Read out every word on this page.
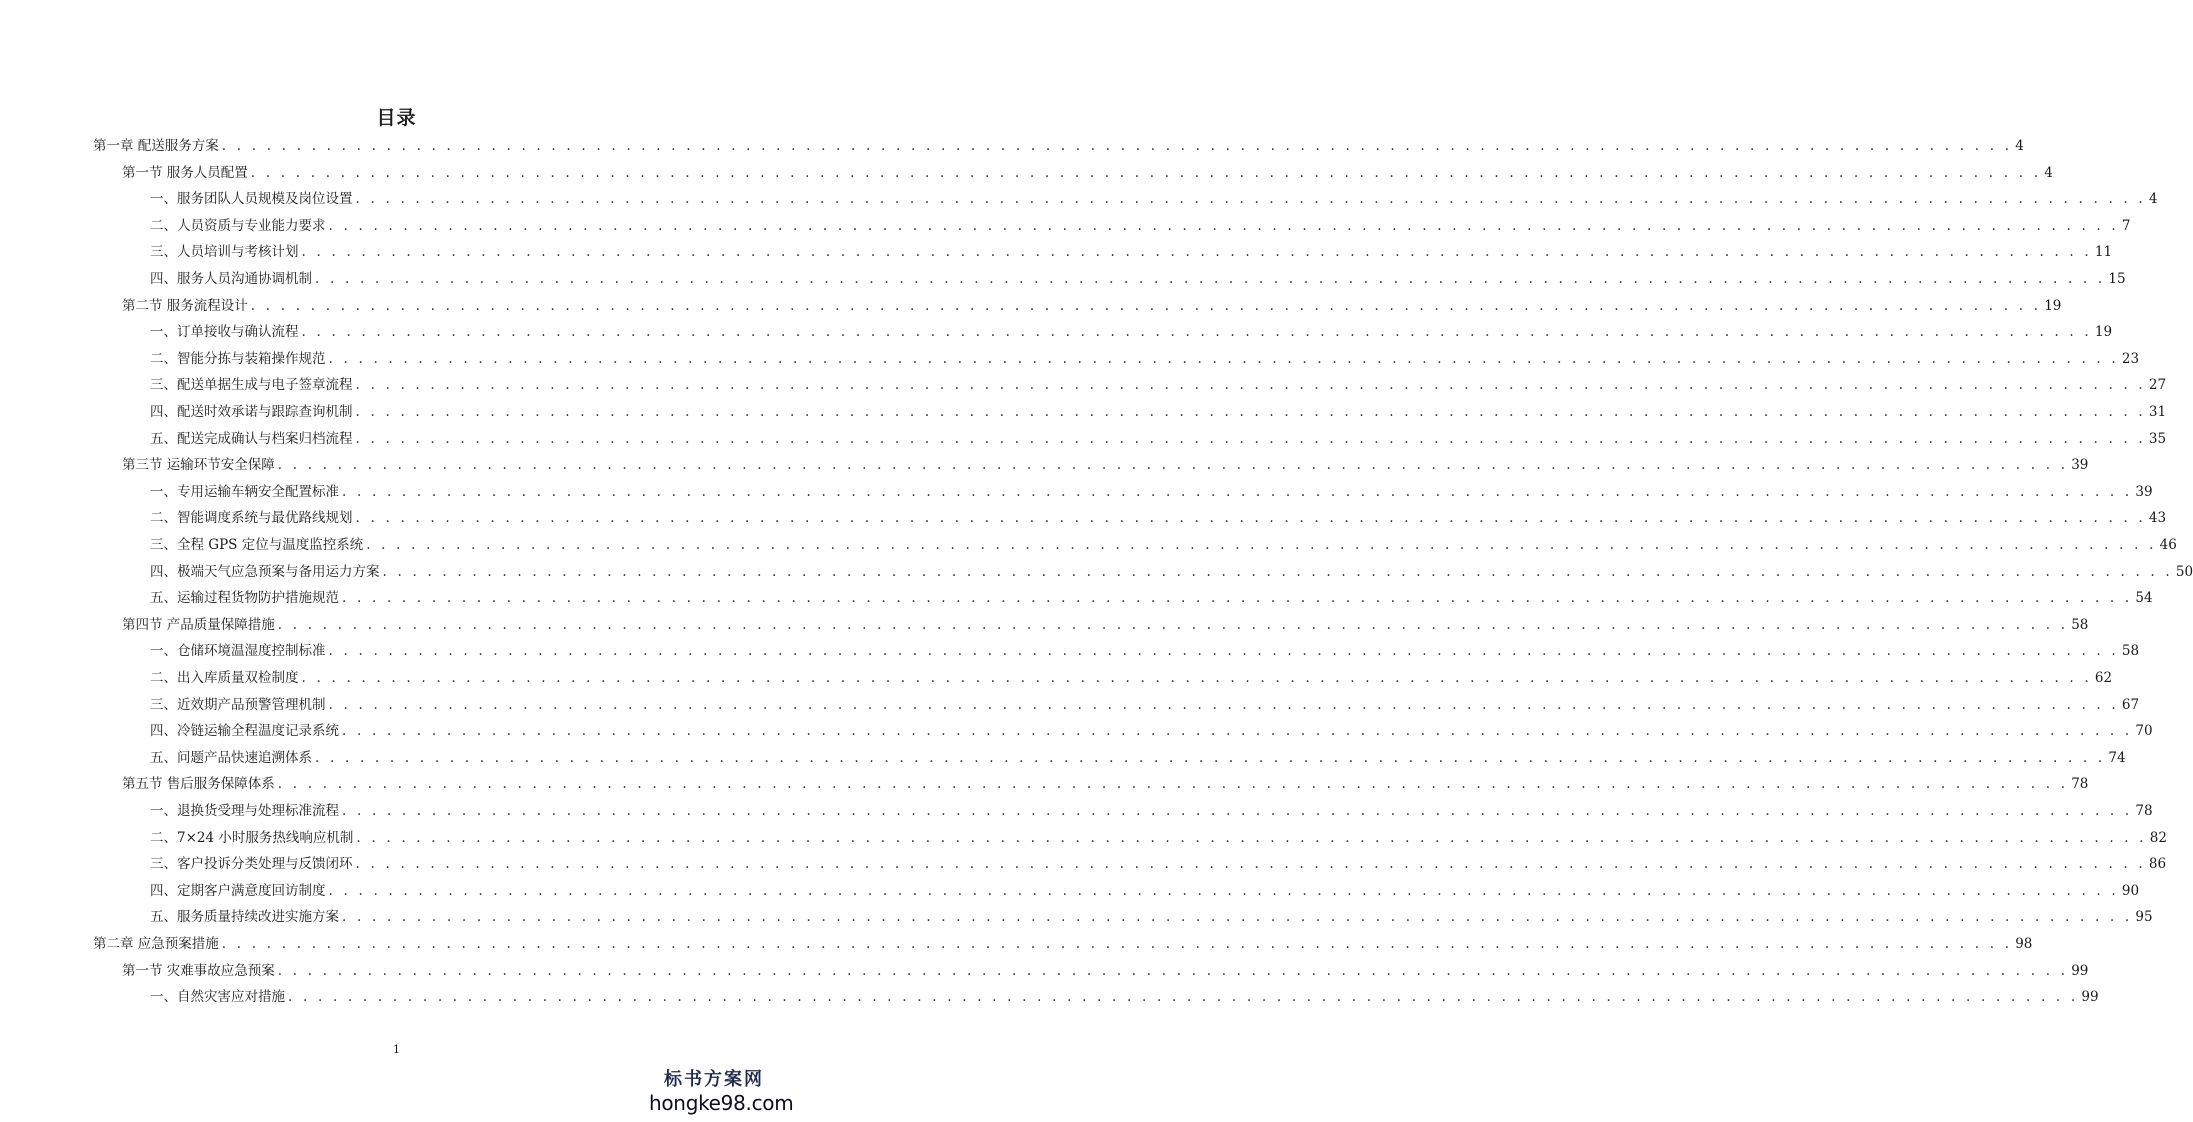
目录
第一章 配送服务方案 . . . . . . . . . . . . . . . . . . . . . . . . . . . . . . . . . . . . . . . . . . . . . . . . . . . . . . . . . . . . . . . . . . . . . . . . . . . . . . . . . . . . . . . . . . . . . . . . . . . . . . . . . . . . . . . . . . . . . . . . 4
第一节 服务人员配置 . . . . . . . . . . . . . . . . . . . . . . . . . . . . . . . . . . . . . . . . . . . . . . . . . . . . . . . . . . . . . . . . . . . . . . . . . . . . . . . . . . . . . . . . . . . . . . . . . . . . . . . . . . . . . . . . . . . . . . . . 4
一、服务团队人员规模及岗位设置 . . . . . . . . . . . . . . . . . . . . . . . . . . . . . . . . . . . . . . . . . . . . . . . . . . . . . . . . . . . . . . . . . . . . . . . . . . . . . . . . . . . . . . . . . . . . . . . . . . . . . . . . . . . . . . . . . . . . . . . . 4
二、人员资质与专业能力要求 . . . . . . . . . . . . . . . . . . . . . . . . . . . . . . . . . . . . . . . . . . . . . . . . . . . . . . . . . . . . . . . . . . . . . . . . . . . . . . . . . . . . . . . . . . . . . . . . . . . . . . . . . . . . . . . . . . . . . . . . 7
三、人员培训与考核计划 . . . . . . . . . . . . . . . . . . . . . . . . . . . . . . . . . . . . . . . . . . . . . . . . . . . . . . . . . . . . . . . . . . . . . . . . . . . . . . . . . . . . . . . . . . . . . . . . . . . . . . . . . . . . . . . . . . . . . . . . 11
四、服务人员沟通协调机制 . . . . . . . . . . . . . . . . . . . . . . . . . . . . . . . . . . . . . . . . . . . . . . . . . . . . . . . . . . . . . . . . . . . . . . . . . . . . . . . . . . . . . . . . . . . . . . . . . . . . . . . . . . . . . . . . . . . . . . . . 15
第二节 服务流程设计 . . . . . . . . . . . . . . . . . . . . . . . . . . . . . . . . . . . . . . . . . . . . . . . . . . . . . . . . . . . . . . . . . . . . . . . . . . . . . . . . . . . . . . . . . . . . . . . . . . . . . . . . . . . . . . . . . . . . . . . . 19
一、订单接收与确认流程 . . . . . . . . . . . . . . . . . . . . . . . . . . . . . . . . . . . . . . . . . . . . . . . . . . . . . . . . . . . . . . . . . . . . . . . . . . . . . . . . . . . . . . . . . . . . . . . . . . . . . . . . . . . . . . . . . . . . . . . . 19
二、智能分拣与装箱操作规范 . . . . . . . . . . . . . . . . . . . . . . . . . . . . . . . . . . . . . . . . . . . . . . . . . . . . . . . . . . . . . . . . . . . . . . . . . . . . . . . . . . . . . . . . . . . . . . . . . . . . . . . . . . . . . . . . . . . . . . . . 23
三、配送单据生成与电子签章流程 . . . . . . . . . . . . . . . . . . . . . . . . . . . . . . . . . . . . . . . . . . . . . . . . . . . . . . . . . . . . . . . . . . . . . . . . . . . . . . . . . . . . . . . . . . . . . . . . . . . . . . . . . . . . . . . . . . . . . . . . 27
四、配送时效承诺与跟踪查询机制 . . . . . . . . . . . . . . . . . . . . . . . . . . . . . . . . . . . . . . . . . . . . . . . . . . . . . . . . . . . . . . . . . . . . . . . . . . . . . . . . . . . . . . . . . . . . . . . . . . . . . . . . . . . . . . . . . . . . . . . . 31
五、配送完成确认与档案归档流程 . . . . . . . . . . . . . . . . . . . . . . . . . . . . . . . . . . . . . . . . . . . . . . . . . . . . . . . . . . . . . . . . . . . . . . . . . . . . . . . . . . . . . . . . . . . . . . . . . . . . . . . . . . . . . . . . . . . . . . . . 35
第三节 运输环节安全保障 . . . . . . . . . . . . . . . . . . . . . . . . . . . . . . . . . . . . . . . . . . . . . . . . . . . . . . . . . . . . . . . . . . . . . . . . . . . . . . . . . . . . . . . . . . . . . . . . . . . . . . . . . . . . . . . . . . . . . . . . 39
一、专用运输车辆安全配置标准 . . . . . . . . . . . . . . . . . . . . . . . . . . . . . . . . . . . . . . . . . . . . . . . . . . . . . . . . . . . . . . . . . . . . . . . . . . . . . . . . . . . . . . . . . . . . . . . . . . . . . . . . . . . . . . . . . . . . . . . . 39
二、智能调度系统与最优路线规划 . . . . . . . . . . . . . . . . . . . . . . . . . . . . . . . . . . . . . . . . . . . . . . . . . . . . . . . . . . . . . . . . . . . . . . . . . . . . . . . . . . . . . . . . . . . . . . . . . . . . . . . . . . . . . . . . . . . . . . . . 43
三、全程 GPS 定位与温度监控系统 . . . . . . . . . . . . . . . . . . . . . . . . . . . . . . . . . . . . . . . . . . . . . . . . . . . . . . . . . . . . . . . . . . . . . . . . . . . . . . . . . . . . . . . . . . . . . . . . . . . . . . . . . . . . . . . . . . . . . . . . 46
四、极端天气应急预案与备用运力方案 . . . . . . . . . . . . . . . . . . . . . . . . . . . . . . . . . . . . . . . . . . . . . . . . . . . . . . . . . . . . . . . . . . . . . . . . . . . . . . . . . . . . . . . . . . . . . . . . . . . . . . . . . . . . . . . . . . . . . . . . 50
五、运输过程货物防护措施规范 . . . . . . . . . . . . . . . . . . . . . . . . . . . . . . . . . . . . . . . . . . . . . . . . . . . . . . . . . . . . . . . . . . . . . . . . . . . . . . . . . . . . . . . . . . . . . . . . . . . . . . . . . . . . . . . . . . . . . . . . 54
第四节 产品质量保障措施 . . . . . . . . . . . . . . . . . . . . . . . . . . . . . . . . . . . . . . . . . . . . . . . . . . . . . . . . . . . . . . . . . . . . . . . . . . . . . . . . . . . . . . . . . . . . . . . . . . . . . . . . . . . . . . . . . . . . . . . . 58
一、仓储环境温湿度控制标准 . . . . . . . . . . . . . . . . . . . . . . . . . . . . . . . . . . . . . . . . . . . . . . . . . . . . . . . . . . . . . . . . . . . . . . . . . . . . . . . . . . . . . . . . . . . . . . . . . . . . . . . . . . . . . . . . . . . . . . . . 58
二、出入库质量双检制度 . . . . . . . . . . . . . . . . . . . . . . . . . . . . . . . . . . . . . . . . . . . . . . . . . . . . . . . . . . . . . . . . . . . . . . . . . . . . . . . . . . . . . . . . . . . . . . . . . . . . . . . . . . . . . . . . . . . . . . . . 62
三、近效期产品预警管理机制 . . . . . . . . . . . . . . . . . . . . . . . . . . . . . . . . . . . . . . . . . . . . . . . . . . . . . . . . . . . . . . . . . . . . . . . . . . . . . . . . . . . . . . . . . . . . . . . . . . . . . . . . . . . . . . . . . . . . . . . . 67
四、冷链运输全程温度记录系统 . . . . . . . . . . . . . . . . . . . . . . . . . . . . . . . . . . . . . . . . . . . . . . . . . . . . . . . . . . . . . . . . . . . . . . . . . . . . . . . . . . . . . . . . . . . . . . . . . . . . . . . . . . . . . . . . . . . . . . . . 70
五、问题产品快速追溯体系 . . . . . . . . . . . . . . . . . . . . . . . . . . . . . . . . . . . . . . . . . . . . . . . . . . . . . . . . . . . . . . . . . . . . . . . . . . . . . . . . . . . . . . . . . . . . . . . . . . . . . . . . . . . . . . . . . . . . . . . . 74
第五节 售后服务保障体系 . . . . . . . . . . . . . . . . . . . . . . . . . . . . . . . . . . . . . . . . . . . . . . . . . . . . . . . . . . . . . . . . . . . . . . . . . . . . . . . . . . . . . . . . . . . . . . . . . . . . . . . . . . . . . . . . . . . . . . . . 78
一、退换货受理与处理标准流程 . . . . . . . . . . . . . . . . . . . . . . . . . . . . . . . . . . . . . . . . . . . . . . . . . . . . . . . . . . . . . . . . . . . . . . . . . . . . . . . . . . . . . . . . . . . . . . . . . . . . . . . . . . . . . . . . . . . . . . . . 78
二、7×24 小时服务热线响应机制 . . . . . . . . . . . . . . . . . . . . . . . . . . . . . . . . . . . . . . . . . . . . . . . . . . . . . . . . . . . . . . . . . . . . . . . . . . . . . . . . . . . . . . . . . . . . . . . . . . . . . . . . . . . . . . . . . . . . . . . . 82
三、客户投诉分类处理与反馈闭环 . . . . . . . . . . . . . . . . . . . . . . . . . . . . . . . . . . . . . . . . . . . . . . . . . . . . . . . . . . . . . . . . . . . . . . . . . . . . . . . . . . . . . . . . . . . . . . . . . . . . . . . . . . . . . . . . . . . . . . . . 86
四、定期客户满意度回访制度 . . . . . . . . . . . . . . . . . . . . . . . . . . . . . . . . . . . . . . . . . . . . . . . . . . . . . . . . . . . . . . . . . . . . . . . . . . . . . . . . . . . . . . . . . . . . . . . . . . . . . . . . . . . . . . . . . . . . . . . . 90
五、服务质量持续改进实施方案 . . . . . . . . . . . . . . . . . . . . . . . . . . . . . . . . . . . . . . . . . . . . . . . . . . . . . . . . . . . . . . . . . . . . . . . . . . . . . . . . . . . . . . . . . . . . . . . . . . . . . . . . . . . . . . . . . . . . . . . . 95
第二章 应急预案措施 . . . . . . . . . . . . . . . . . . . . . . . . . . . . . . . . . . . . . . . . . . . . . . . . . . . . . . . . . . . . . . . . . . . . . . . . . . . . . . . . . . . . . . . . . . . . . . . . . . . . . . . . . . . . . . . . . . . . . . . . 98
第一节 灾难事故应急预案 . . . . . . . . . . . . . . . . . . . . . . . . . . . . . . . . . . . . . . . . . . . . . . . . . . . . . . . . . . . . . . . . . . . . . . . . . . . . . . . . . . . . . . . . . . . . . . . . . . . . . . . . . . . . . . . . . . . . . . . . 99
一、自然灾害应对措施 . . . . . . . . . . . . . . . . . . . . . . . . . . . . . . . . . . . . . . . . . . . . . . . . . . . . . . . . . . . . . . . . . . . . . . . . . . . . . . . . . . . . . . . . . . . . . . . . . . . . . . . . . . . . . . . . . . . . . . . . 99
1
标书方案网
hongke98.com
